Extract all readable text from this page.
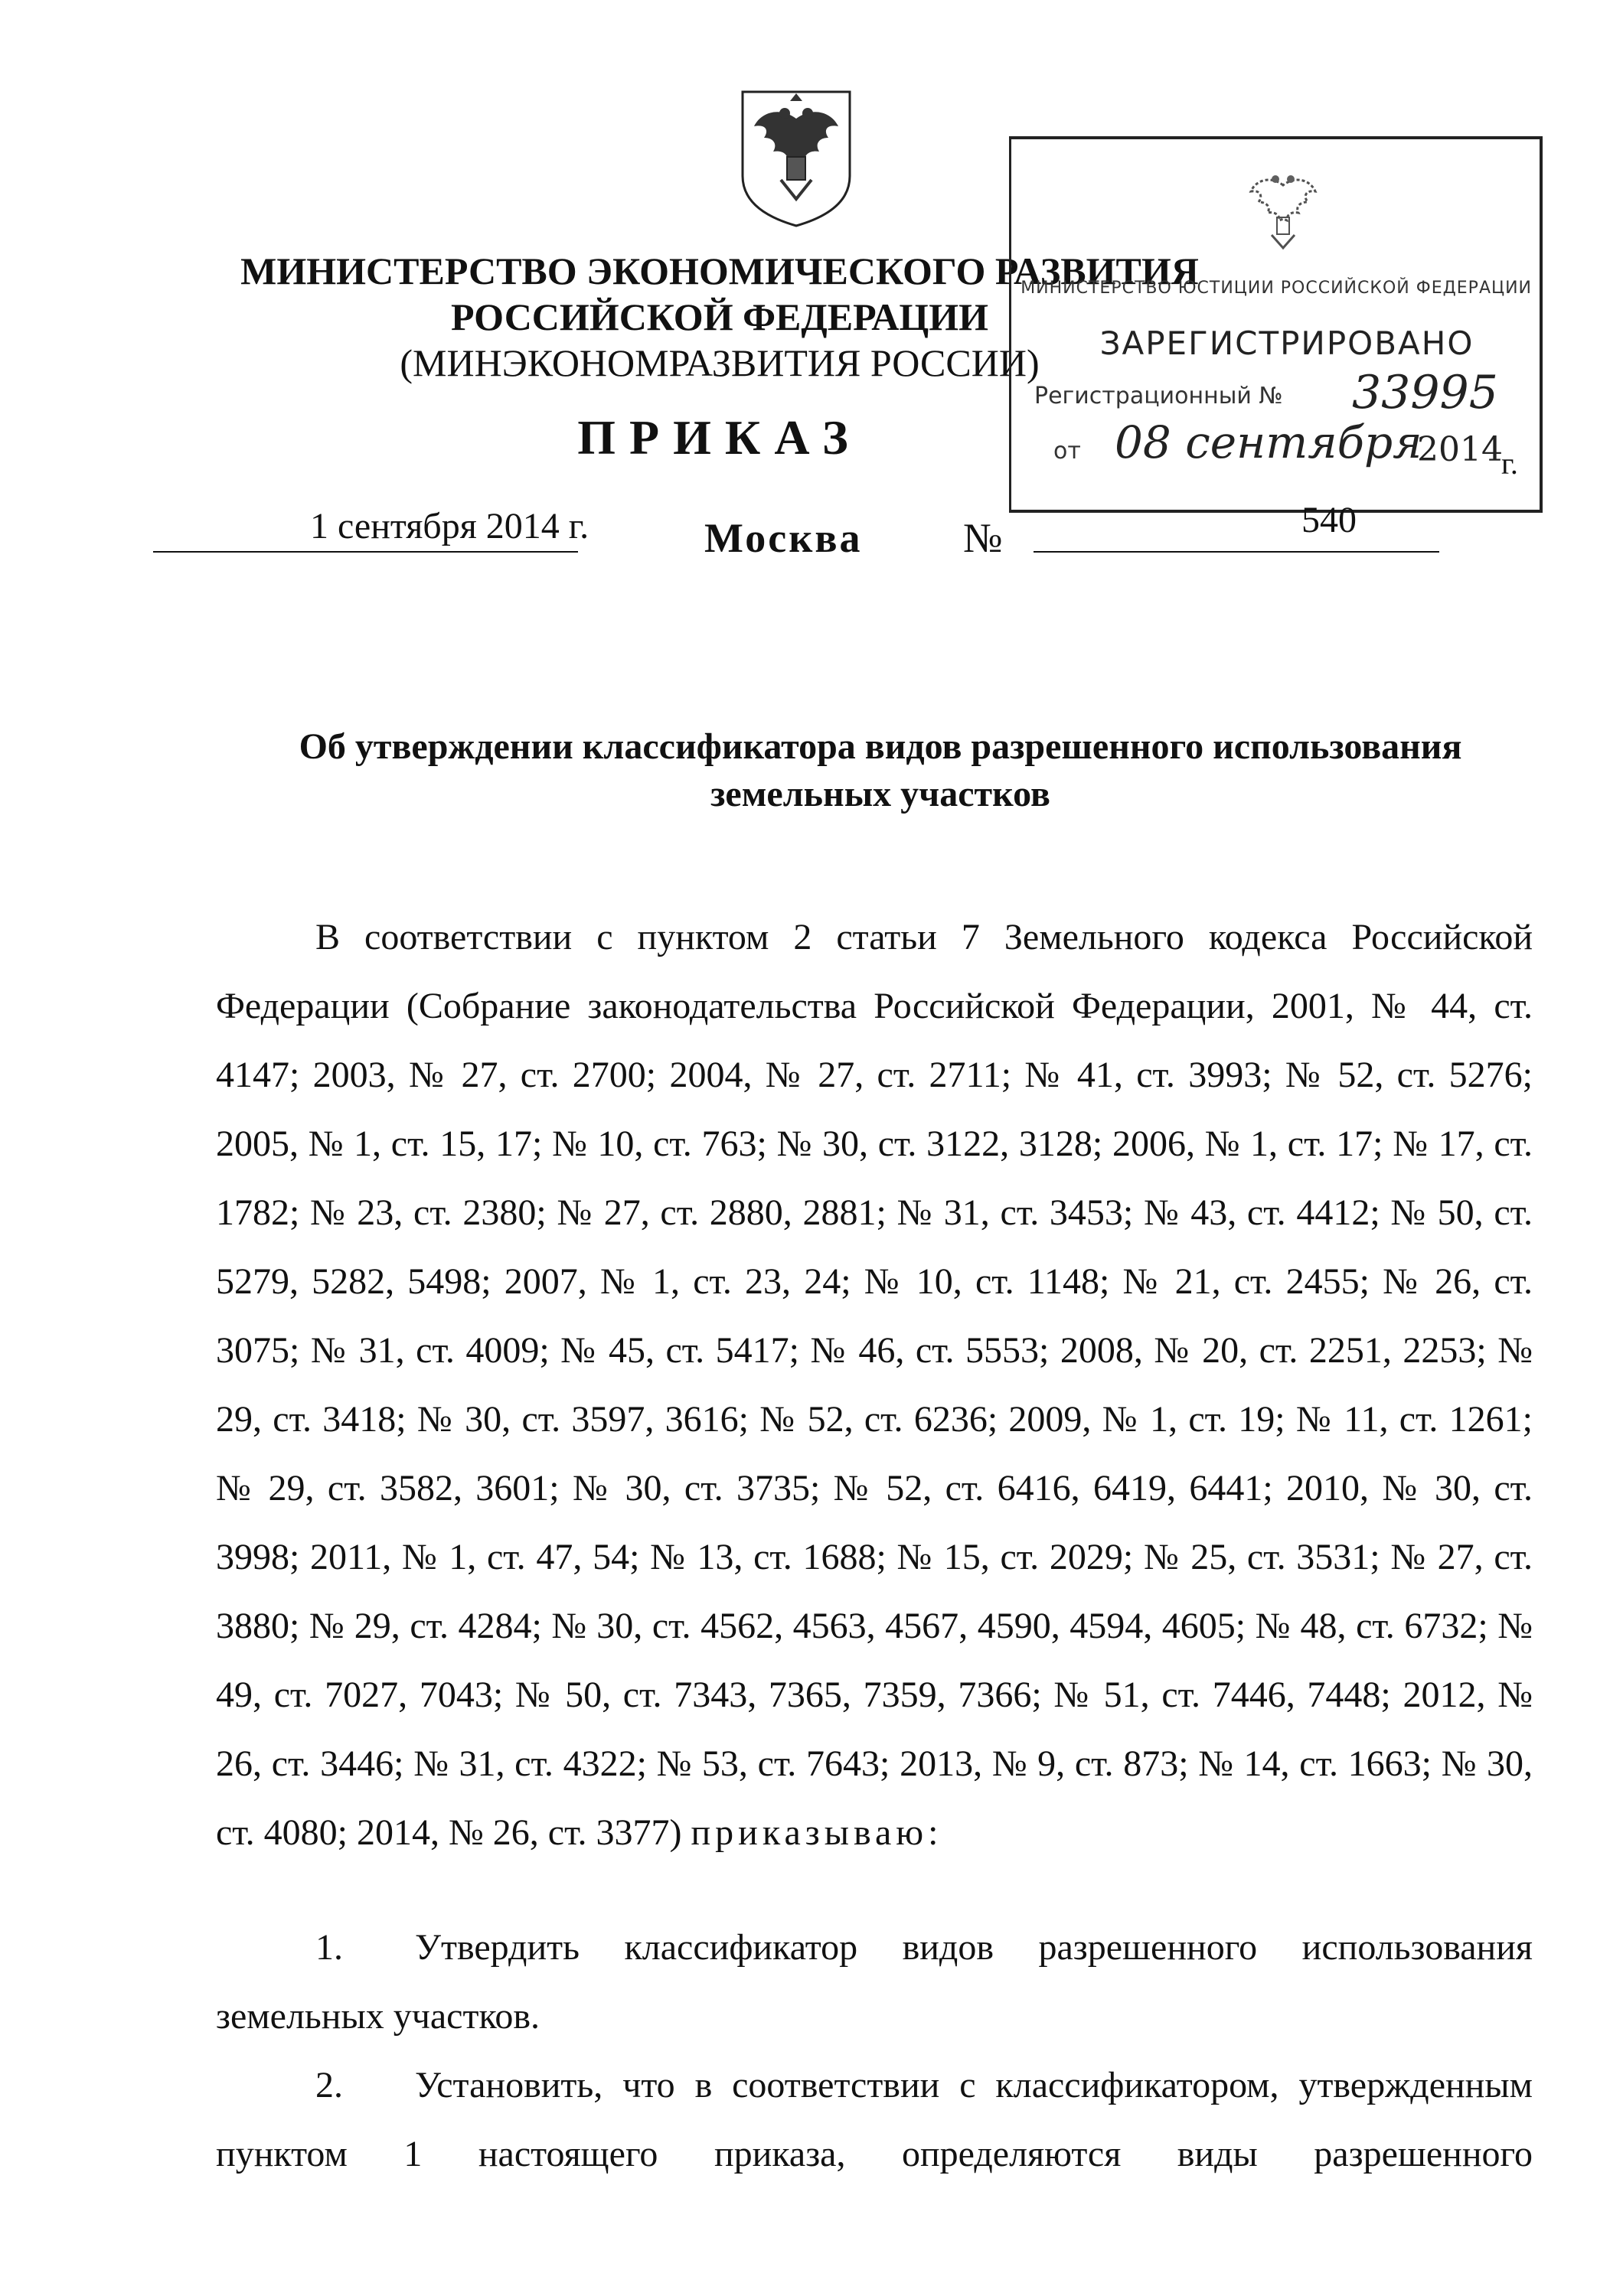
МИНИСТЕРСТВО ЭКОНОМИЧЕСКОГО РАЗВИТИЯ
РОССИЙСКОЙ ФЕДЕРАЦИИ
(МИНЭКОНОМРАЗВИТИЯ РОССИИ)
ПРИКАЗ
МИНИСТЕРСТВО ЮСТИЦИИ РОССИЙСКОЙ ФЕДЕРАЦИИ
ЗАРЕГИСТРИРОВАНО
Регистрационный № 33995
от 08 сентября
2014
г.
1 сентября 2014 г.	Москва №	540
Об утверждении классификатора видов разрешенного использования
земельных участков

В соответствии с пунктом 2 статьи 7 Земельного кодекса Российской Федерации (Собрание законодательства Российской Федерации, 2001, № 44, ст. 4147; 2003, № 27, ст. 2700; 2004, № 27, ст. 2711; № 41, ст. 3993; № 52, ст. 5276; 2005, № 1, ст. 15, 17; № 10, ст. 763; № 30, ст. 3122, 3128; 2006, № 1, ст. 17; № 17, ст. 1782; № 23, ст. 2380; № 27, ст. 2880, 2881; № 31, ст. 3453; № 43, ст. 4412; № 50, ст. 5279, 5282, 5498; 2007, № 1, ст. 23, 24; № 10, ст. 1148; № 21, ст. 2455; № 26, ст. 3075; № 31, ст. 4009; № 45, ст. 5417; № 46, ст. 5553; 2008, № 20, ст. 2251, 2253; № 29, ст. 3418; № 30, ст. 3597, 3616; № 52, ст. 6236; 2009, № 1, ст. 19; № 11, ст. 1261; № 29, ст. 3582, 3601; № 30, ст. 3735; № 52, ст. 6416, 6419, 6441; 2010, № 30, ст. 3998; 2011, № 1, ст. 47, 54; № 13, ст. 1688; № 15, ст. 2029; № 25, ст. 3531; № 27, ст. 3880; № 29, ст. 4284; № 30, ст. 4562, 4563, 4567, 4590, 4594, 4605; № 48, ст. 6732; № 49, ст. 7027, 7043; № 50, ст. 7343, 7365, 7359, 7366; № 51, ст. 7446, 7448; 2012, № 26, ст. 3446; № 31, ст. 4322; № 53, ст. 7643; 2013, № 9, ст. 873; № 14, ст. 1663; № 30, ст. 4080; 2014, № 26, ст. 3377) приказываю:

1. Утвердить классификатор видов разрешенного использования земельных участков.

2. Установить, что в соответствии с классификатором, утвержденным пунктом 1 настоящего приказа, определяются виды разрешенного
